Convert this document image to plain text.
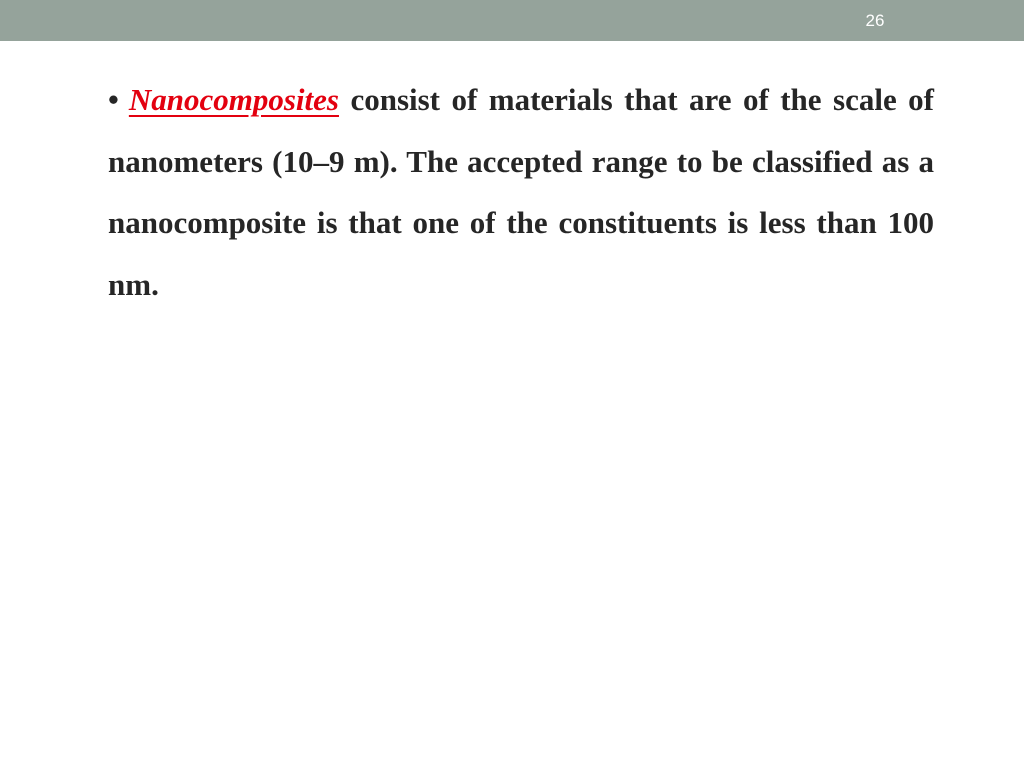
26

• Nanocomposites consist of materials that are of the scale of nanometers (10–9 m). The accepted range to be classified as a nanocomposite is that one of the constituents is less than 100 nm.
